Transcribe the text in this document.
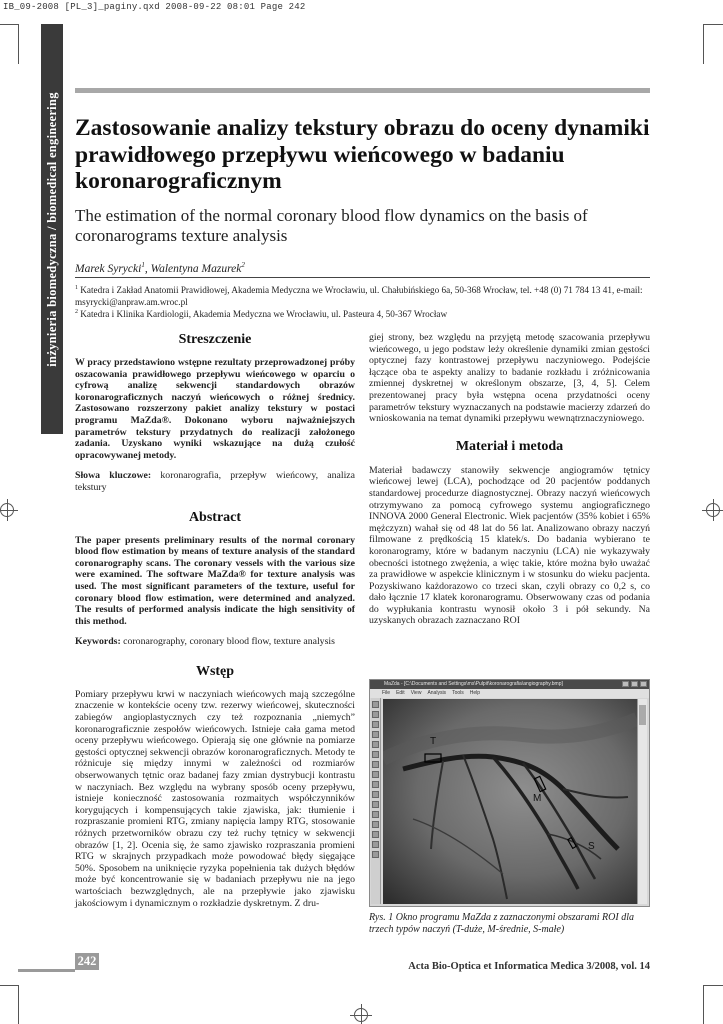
IB_09-2008 [PL_3]_paginy.qxd 2008-09-22 08:01 Page 242
inżynieria biomedyczna / biomedical engineering Zastosowanie analizy tekstury obrazu do oceny dynamiki prawidłowego przepływu wieńcowego w badaniu koronarograficznym
The estimation of the normal coronary blood flow dynamics on the basis of coronarograms texture analysis
Marek Syrycki$^1$, Walentyna Mazurek$^2$
$^1$ Katedra i Zakład Anatomii Prawidłowej, Akademia Medyczna we Wrocławiu, ul. Chałubińskiego 6a, 50-368 Wrocław, tel. +48 (0) 71 784 13 41, e-mail: msyrycki@anpraw.am.wroc.pl
$^2$ Katedra i Klinika Kardiologii, Akademia Medyczna we Wrocławiu, ul. Pasteura 4, 50-367 Wrocław
Streszczenie

W pracy przedstawiono wstępne rezultaty przeprowadzonej próby oszacowania prawidłowego przepływu wieńcowego w oparciu o cyfrową analizę sekwencji standardowych obrazów koronarograficznych naczyń wieńcowych o różnej średnicy. Zastosowano rozszerzony pakiet analizy tekstury w postaci programu MaZda®. Dokonano wyboru najważniejszych parametrów tekstury przydatnych do realizacji założonego zadania. Uzyskano wyniki wskazujące na dużą czułość opracowywanej metody.

Słowa kluczowe: koronarografia, przepływ wieńcowy, analiza tekstury

Abstract

The paper presents preliminary results of the normal coronary blood flow estimation by means of texture analysis of the standard coronarography scans. The coronary vessels with the various size were examined. The software MaZda® for texture analysis was used. The most significant parameters of the texture, useful for coronary blood flow estimation, were determined and analyzed. The results of performed analysis indicate the high sensitivity of this method.

Keywords: coronarography, coronary blood flow, texture analysis

Wstęp

Pomiary przepływu krwi w naczyniach wieńcowych mają szczególne znaczenie w kontekście oceny tzw. rezerwy wieńcowej, skuteczności zabiegów angioplastycznych czy też rozpoznania „niemych” koronarograficznie zespołów wieńcowych. Istnieje cała gama metod oceny przepływu wieńcowego. Opierają się one głównie na pomiarze gęstości optycznej sekwencji obrazów koronarograficznych. Metody te różnicuje się między innymi w zależności od rozmiarów obserwowanych tętnic oraz badanej fazy zmian dystrybucji kontrastu w naczyniach. Bez względu na wybrany sposób oceny przepływu, istnieje konieczność zastosowania rozmaitych współczynników korygujących i kompensujących takie zjawiska, jak: tłumienie i rozpraszanie promieni RTG, zmiany napięcia lampy RTG, stosowanie różnych przetworników obrazu czy też ruchy tętnicy w sekwencji obrazów [1, 2]. Ocenia się, że samo zjawisko rozpraszania promieni RTG w skrajnych przypadkach może powodować błędy sięgające 50%. Sposobem na uniknięcie ryzyka popełnienia tak dużych błędów może być koncentrowanie się w badaniach przepływu nie na jego wartościach bezwzględnych, ale na przepływie jako zjawisku jakościowym i dynamicznym o rozkładzie dyskretnym. Z dru-

giej strony, bez względu na przyjętą metodę szacowania przepływu wieńcowego, u jego podstaw leży określenie dynamiki zmian gęstości optycznej fazy kontrastowej przepływu naczyniowego. Podejście łączące oba te aspekty analizy to badanie rozkładu i zróżnicowania zmiennej dyskretnej w określonym obszarze, [3, 4, 5]. Celem prezentowanej pracy była wstępna ocena przydatności oceny parametrów tekstury wyznaczanych na podstawie macierzy zdarzeń do wnioskowania na temat dynamiki przepływu wewnątrznaczyniowego.

Materiał i metoda

Materiał badawczy stanowiły sekwencje angiogramów tętnicy wieńcowej lewej (LCA), pochodzące od 20 pacjentów poddanych standardowej procedurze diagnostycznej. Obrazy naczyń wieńcowych otrzymywano za pomocą cyfrowego systemu angiograficznego INNOVA 2000 General Electronic. Wiek pacjentów (35% kobiet i 65% mężczyzn) wahał się od 48 lat do 56 lat. Analizowano obrazy naczyń filmowane z prędkością 15 klatek/s. Do badania wybierano te koronarogramy, które w badanym naczyniu (LCA) nie wykazywały obecności istotnego zwężenia, a więc takie, które można było uważać za prawidłowe w aspekcie klinicznym i w stosunku do wieku pacjenta. Pozyskiwano każdorazowo co trzeci skan, czyli obrazy co 0,2 s, co dało łącznie 17 klatek koronarogramu. Obserwowany czas od podania do wypłukania kontrastu wynosił około 3 i pół sekundy. Na uzyskanych obrazach zaznaczano ROI

MaZda - [C:\Documents and Settings\ms\Pulpit\koronarografia\angiography.bmp]
File Edit View Analysis Tools Help
T
M
S
Rys. 1 Okno programu MaZda z zaznaczonymi obszarami ROI dla trzech typów naczyń (T-duże, M-średnie, S-małe)
242	Acta Bio-Optica et Informatica Medica 3/2008, vol. 14
